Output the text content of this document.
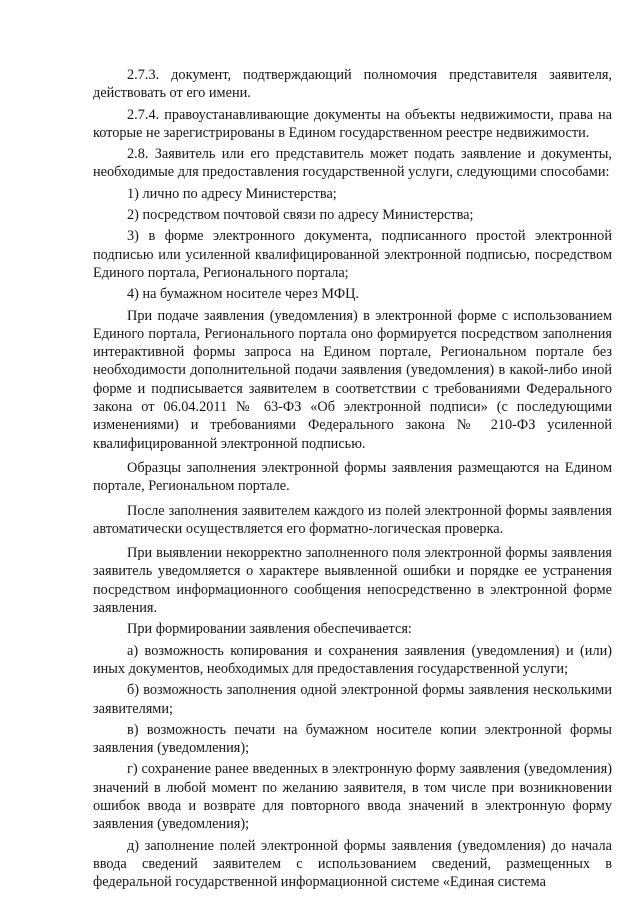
2.7.3. документ, подтверждающий полномочия представителя заявителя, действовать от его имени.

2.7.4. правоустанавливающие документы на объекты недвижимости, права на которые не зарегистрированы в Едином государственном реестре недвижимости.

2.8. Заявитель или его представитель может подать заявление и документы, необходимые для предоставления государственной услуги, следующими способами:

1) лично по адресу Министерства;

2) посредством почтовой связи по адресу Министерства;

3) в форме электронного документа, подписанного простой электронной подписью или усиленной квалифицированной электронной подписью, посредством Единого портала, Регионального портала;

4) на бумажном носителе через МФЦ.

При подаче заявления (уведомления) в электронной форме с использованием Единого портала, Регионального портала оно формируется посредством заполнения интерактивной формы запроса на Едином портале, Региональном портале без необходимости дополнительной подачи заявления (уведомления) в какой-либо иной форме и подписывается заявителем в соответствии с требованиями Федерального закона от 06.04.2011 № 63-ФЗ «Об электронной подписи» (с последующими изменениями) и требованиями Федерального закона № 210-ФЗ усиленной квалифицированной электронной подписью.

Образцы заполнения электронной формы заявления размещаются на Едином портале, Региональном портале.

После заполнения заявителем каждого из полей электронной формы заявления автоматически осуществляется его форматно-логическая проверка.

При выявлении некорректно заполненного поля электронной формы заявления заявитель уведомляется о характере выявленной ошибки и порядке ее устранения посредством информационного сообщения непосредственно в электронной форме заявления.

При формировании заявления обеспечивается:

а) возможность копирования и сохранения заявления (уведомления) и (или) иных документов, необходимых для предоставления государственной услуги;

б) возможность заполнения одной электронной формы заявления несколькими заявителями;

в) возможность печати на бумажном носителе копии электронной формы заявления (уведомления);

г) сохранение ранее введенных в электронную форму заявления (уведомления) значений в любой момент по желанию заявителя, в том числе при возникновении ошибок ввода и возврате для повторного ввода значений в электронную форму заявления (уведомления);

д) заполнение полей электронной формы заявления (уведомления) до начала ввода сведений заявителем с использованием сведений, размещенных в федеральной государственной информационной системе «Единая система
